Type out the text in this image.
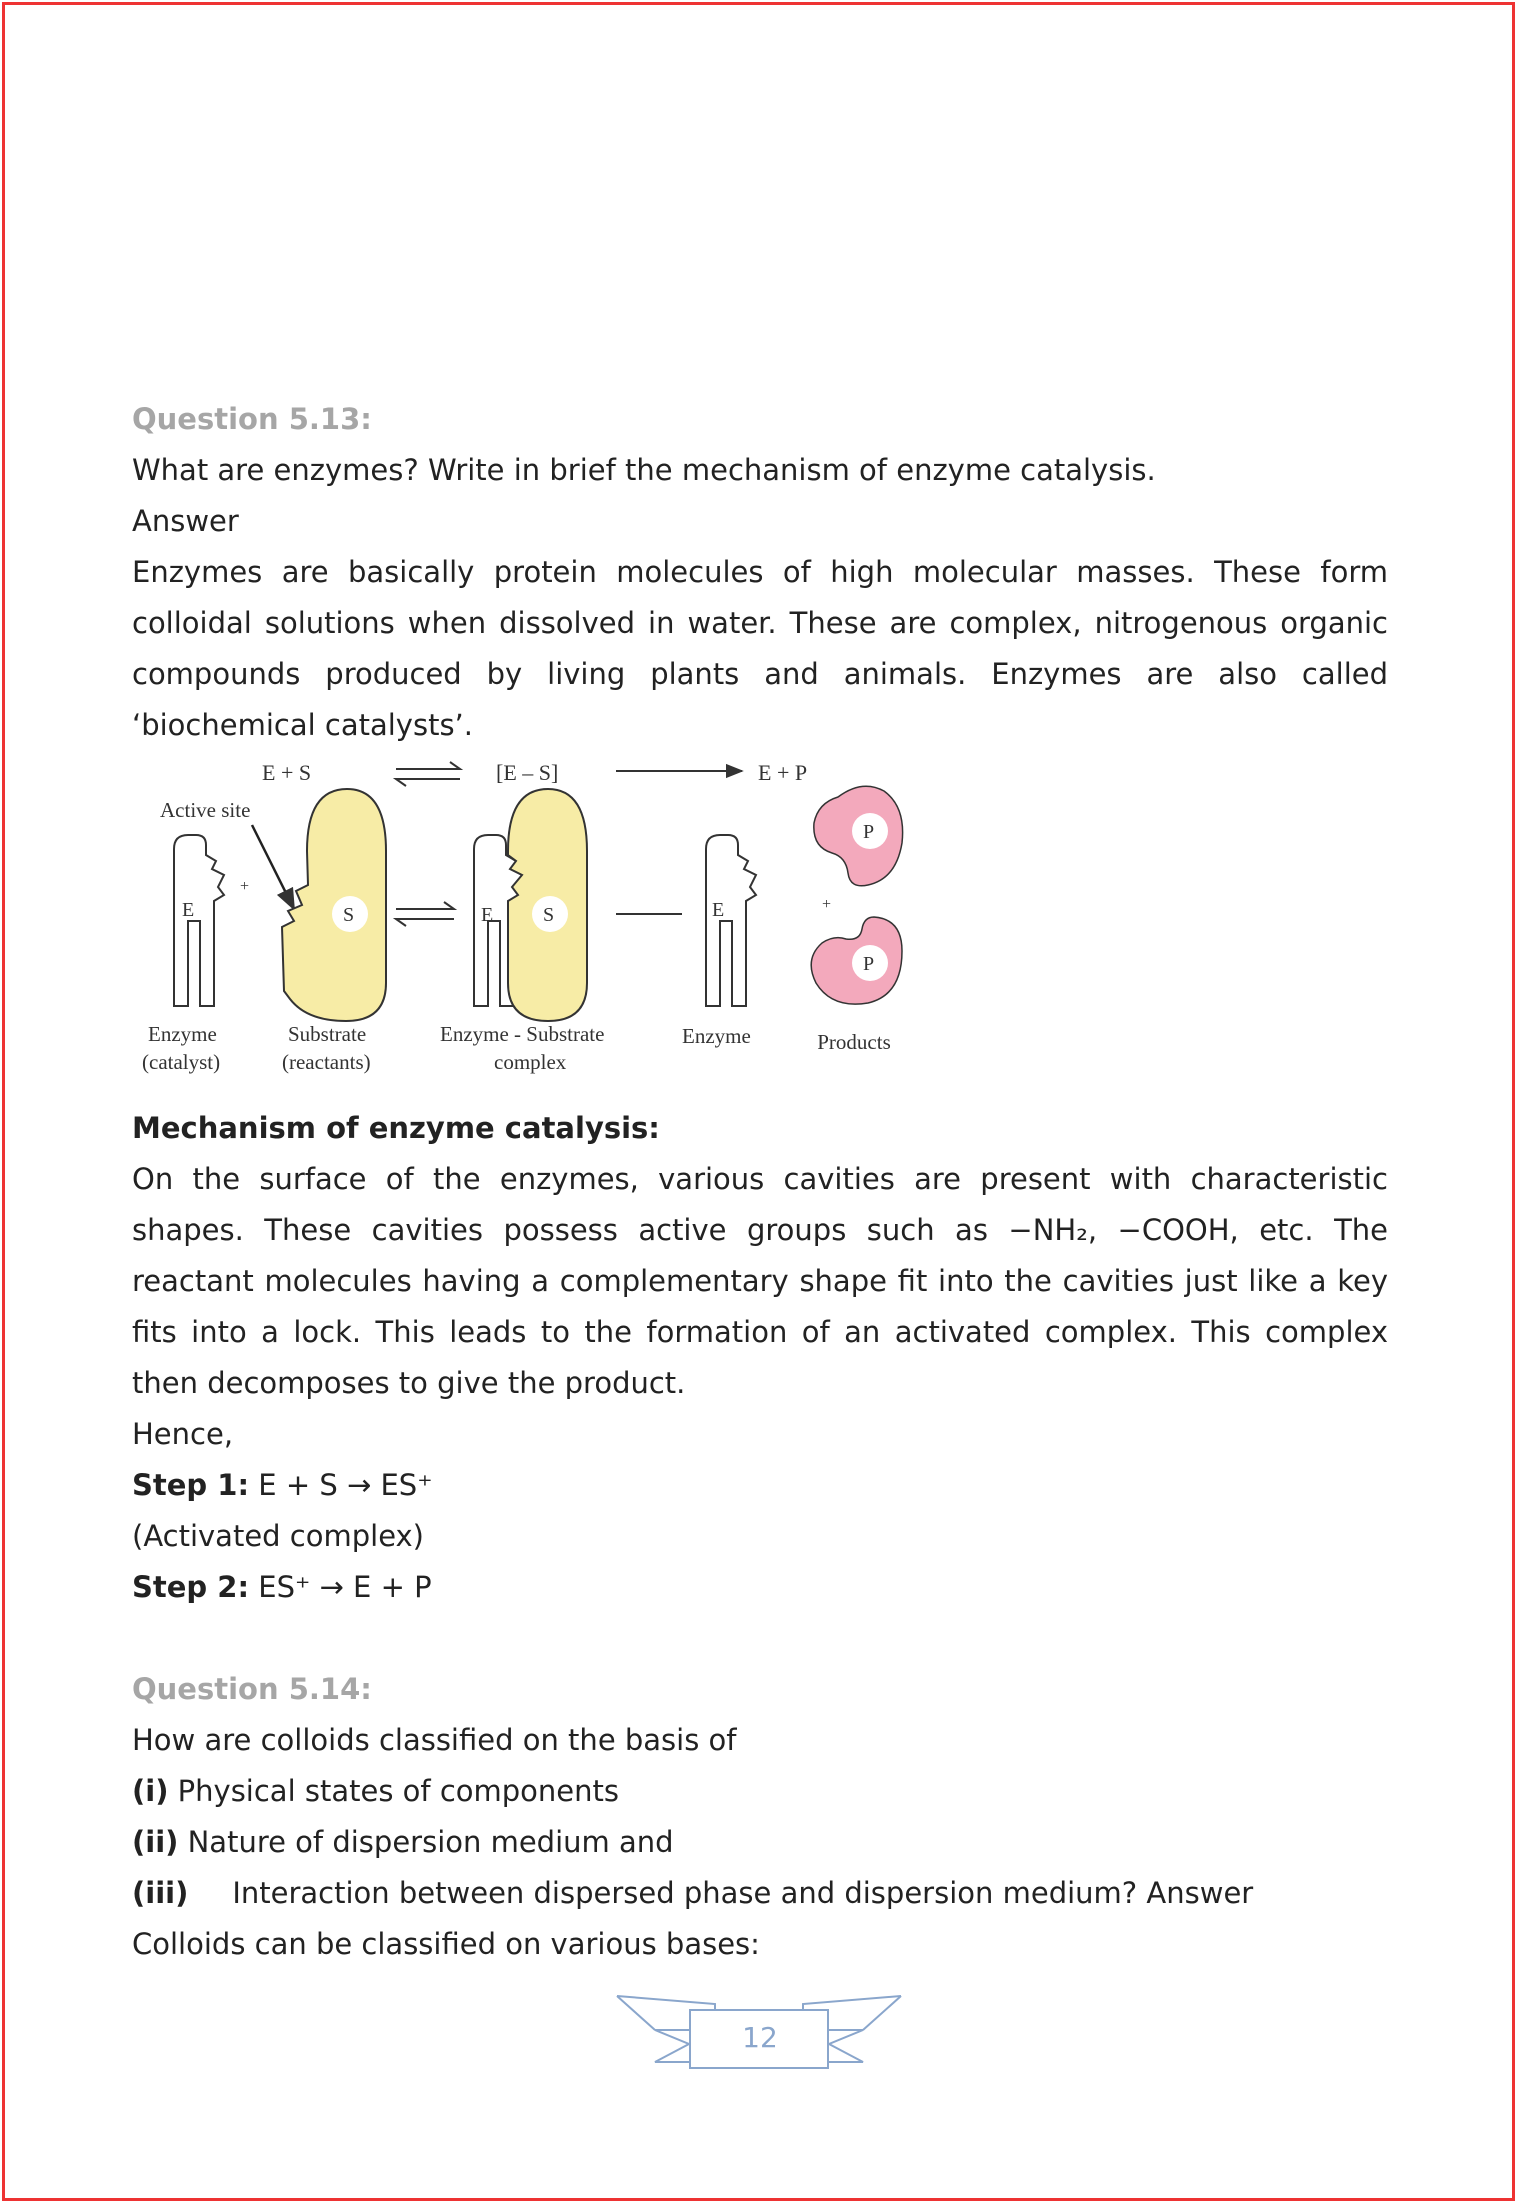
Question 5.13:

What are enzymes? Write in brief the mechanism of enzyme catalysis.

Answer

Enzymes are basically protein molecules of high molecular masses. These form colloidal solutions when dissolved in water. These are complex, nitrogenous organic compounds produced by living plants and animals. Enzymes are also called ‘biochemical catalysts’.

E + S	[E – S]	E + P
Active site
E
+
S	E S	E
P
+
P
Enzyme
(catalyst)
Substrate
(reactants)
Enzyme - Substrate
complex
Enzyme	Products

Mechanism of enzyme catalysis:

On the surface of the enzymes, various cavities are present with characteristic shapes. These cavities possess active groups such as −NH₂, −COOH, etc. The reactant molecules having a complementary shape fit into the cavities just like a key fits into a lock. This leads to the formation of an activated complex. This complex then decomposes to give the product.

Hence,

Step 1: E + S → ES⁺

(Activated complex)

Step 2: ES⁺ → E + P

Question 5.14:

How are colloids classified on the basis of

(i) Physical states of components

(ii) Nature of dispersion medium and

(iii) Interaction between dispersed phase and dispersion medium? Answer

Colloids can be classified on various bases:

12
